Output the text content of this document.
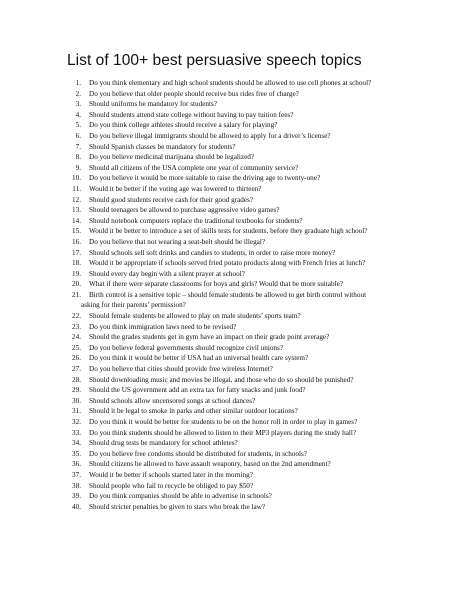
List of 100+ best persuasive speech topics
1.	Do you think elementary and high school students should be allowed to use cell phones at school?
2.	Do you believe that older people should receive bus rides free of charge?
3.	Should uniforms be mandatory for students?
4.	Should students attend state college without having to pay tuition fees?
5.	Do you think college athletes should receive a salary for playing?
6.	Do you believe illegal immigrants should be allowed to apply for a driver’s license?
7.	Should Spanish classes be mandatory for students?
8.	Do you believe medicinal marijuana should be legalized?
9.	Should all citizens of the USA complete one year of community service?
10.	Do you believe it would be more suitable to raise the driving age to twenty-one?
11.	Would it be better if the voting age was lowered to thirteen?
12.	Should good students receive cash for their good grades?
13.	Should teenagers be allowed to purchase aggressive video games?
14.	Should notebook computers replace the traditional textbooks for students?
15.	Would it be better to introduce a set of skills tests for students, before they graduate high school?
16.	Do you believe that not wearing a seat-belt should be illegal?
17.	Should schools sell soft drinks and candies to students, in order to raise more money?
18.	Would it be appropriate if schools served fried potato products along with French fries at lunch?
19.	Should every day begin with a silent prayer at school?
20.	What if there were separate classrooms for boys and girls? Would that be more suitable?
21.	Birth control is a sensitive topic – should female students be allowed to get birth control without
asking for their parents’ permission?
22.	Should female students be allowed to play on male students’ sports team?
23.	Do you think immigration laws need to be revised?
24.	Should the grades students get in gym have an impact on their grade point average?
25.	Do you believe federal governments should recognize civil unions?
26.	Do you think it would be better if USA had an universal health care system?
27.	Do you believe that cities should provide free wireless Internet?
28.	Should downloading music and movies be illegal, and those who do so should be punished?
29.	Should the US government add an extra tax for fatty snacks and junk food?
30.	Should schools allow uncensored songs at school dances?
31.	Should it be legal to smoke in parks and other similar outdoor locations?
32.	Do you think it would be better for students to be on the honor roll in order to play in games?
33.	Do you think students should be allowed to listen to their MP3 players during the study hall?
34.	Should drug tests be mandatory for school athletes?
35.	Do you believe free condoms should be distributed for students, in schools?
36.	Should citizens be allowed to have assault weaponry, based on the 2nd amendment?
37.	Would it be better if schools started later in the morning?
38.	Should people who fail to recycle be obliged to pay $50?
39.	Do you think companies should be able to advertise in schools?
40.	Should stricter penalties be given to stars who break the law?
